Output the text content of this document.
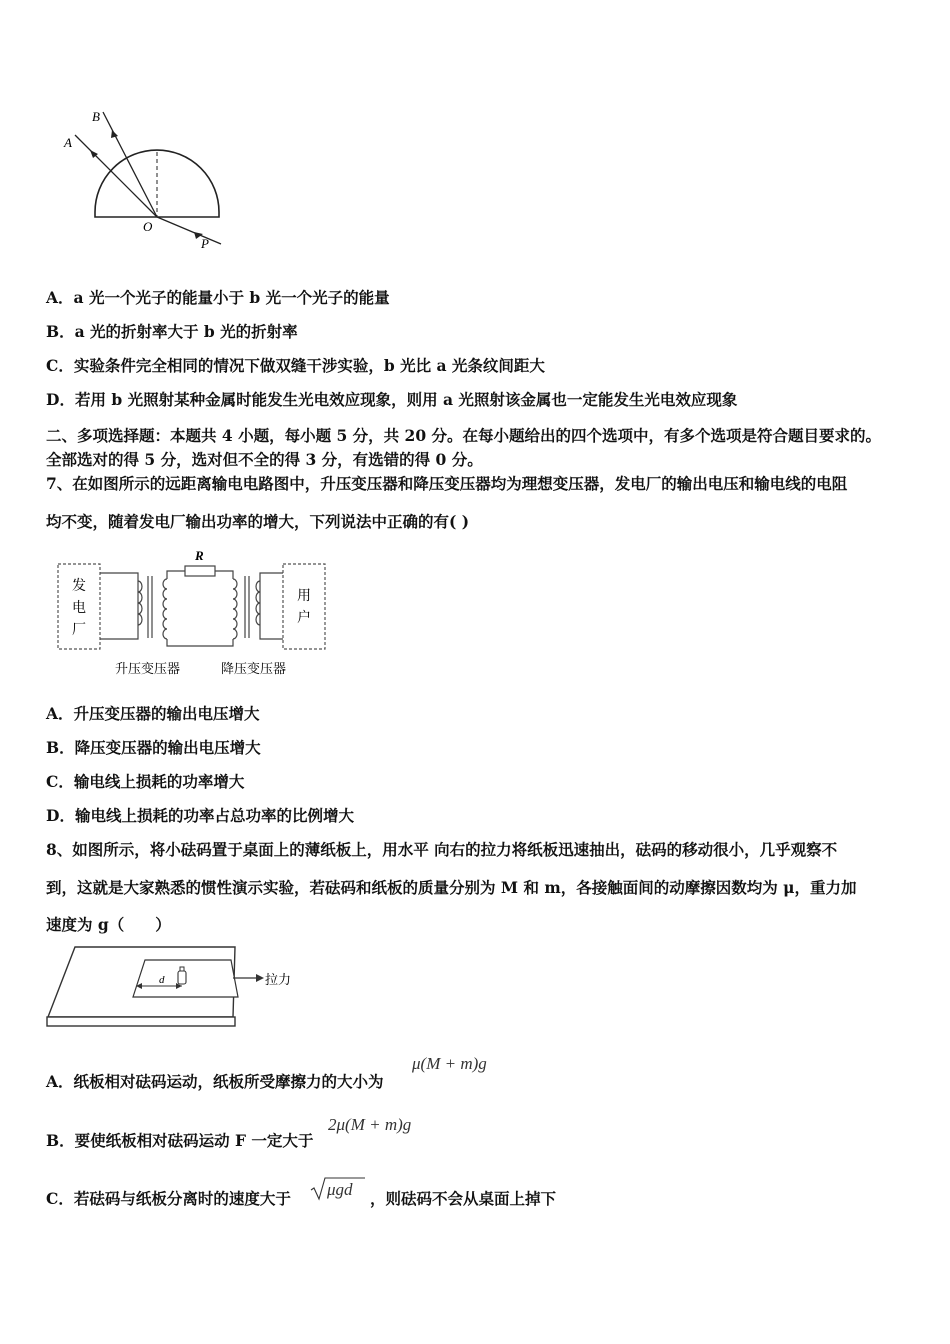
A
B
O
P
A．a 光一个光子的能量小于 b 光一个光子的能量
B．a 光的折射率大于 b 光的折射率
C．实验条件完全相同的情况下做双缝干涉实验，b 光比 a 光条纹间距大
D．若用 b 光照射某种金属时能发生光电效应现象，则用 a 光照射该金属也一定能发生光电效应现象
二、多项选择题：本题共 4 小题，每小题 5 分，共 20 分。在每小题给出的四个选项中，有多个选项是符合题目要求的。
全部选对的得 5 分，选对但不全的得 3 分，有选错的得 0 分。
7、在如图所示的远距离输电电路图中，升压变压器和降压变压器均为理想变压器，发电厂的输出电压和输电线的电阻
均不变，随着发电厂输出功率的增大，下列说法中正确的有( )
发
电
厂
用
户
R
升压变压器	降压变压器
A．升压变压器的输出电压增大
B．降压变压器的输出电压增大
C．输电线上损耗的功率增大
D．输电线上损耗的功率占总功率的比例增大
8、如图所示，将小砝码置于桌面上的薄纸板上，用水平 向右的拉力将纸板迅速抽出，砝码的移动很小，几乎观察不
到，这就是大家熟悉的惯性演示实验，若砝码和纸板的质量分别为 M 和 m，各接触面间的动摩擦因数均为 μ，重力加
速度为 g（　　）
d	拉力
A．纸板相对砝码运动，纸板所受摩擦力的大小为
μ(M + m)g
B．要使纸板相对砝码运动 F 一定大于
2μ(M + m)g
C．若砝码与纸板分离时的速度大于 μgd ，则砝码不会从桌面上掉下
